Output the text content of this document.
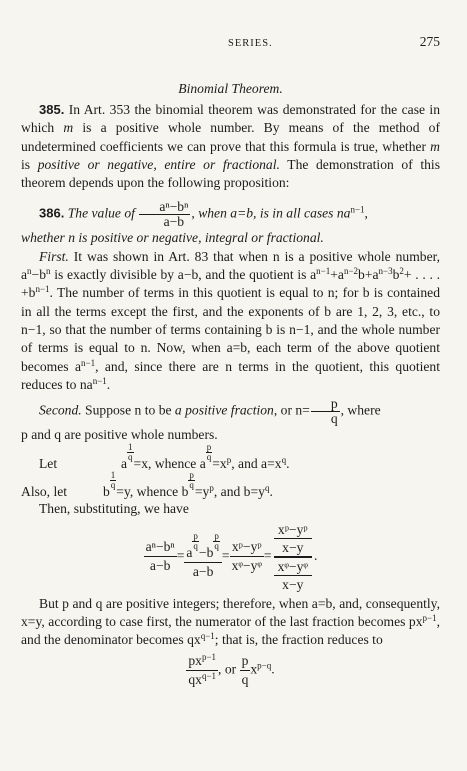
SERIES.	275
Binomial Theorem.

385. In Art. 353 the binomial theorem was demonstrated for the case in which m is a positive whole number. By means of the method of undetermined coefficients we can prove that this formula is true, whether m is positive or negative, entire or fractional. The demonstration of this theorem depends upon the following proposition:

386. The value of $\frac{\text{aⁿ−bⁿ}}{a-b}$ , when a=b, is in all cases $na^{n-1}$,

whether n is positive or negative, integral or fractional.

First. It was shown in Art. 83 that when n is a positive whole number, $a^n-b^n$ is exactly divisible by a−b, and the quotient is $a^{n-1}+a^{n-2}b+a^{n-3}b^2+$ . . . . $+b^{n-1}$. The number of terms in this quotient is equal to n; for b is contained in all the terms except the first, and the exponents of b are 1, 2, 3, etc., to n−1, so that the number of terms containing b is n−1, and the whole number of terms is equal to n. Now, when a=b, each term of the above quotient becomes $a^{n-1}$, and, since there are n terms in the quotient, this quotient reduces to $na^{n-1}$.

Second. Suppose n to be a positive fraction, or $n= \frac{p}{q}$ , where

p and q are positive whole numbers.

Let	a
$\frac{1}{q}$
=x, whence a
$\frac{p}{q}$
$=x^p$, and $a=x^q$.
Also, let	b
$\frac{1}{q}$
=y, whence b
$\frac{p}{q}$
$=y^p$, and $b=y^q$.

Then, substituting, we have

$\frac{\text{aⁿ−bⁿ}}{a-b} = a$
$\frac{p}{q}$
−b
$\frac{p}{q}$
a−b
= $\frac{\text{xᵖ−yᵖ}}{\text{xᵠ−yᵠ}}$ =
xᵖ−yᵖ
x−y
xᵠ−yᵠ
x−y
.

But p and q are positive integers; therefore, when a=b, and, consequently, x=y, according to case first, the numerator of the last fraction becomes $px^{p-1}$, and the denominator becomes $qx^{q-1}$; that is, the fraction reduces to

$px^{p-1}$
$qx^{q-1}$ , or $\frac{p}{q} x^{p-q}$.
